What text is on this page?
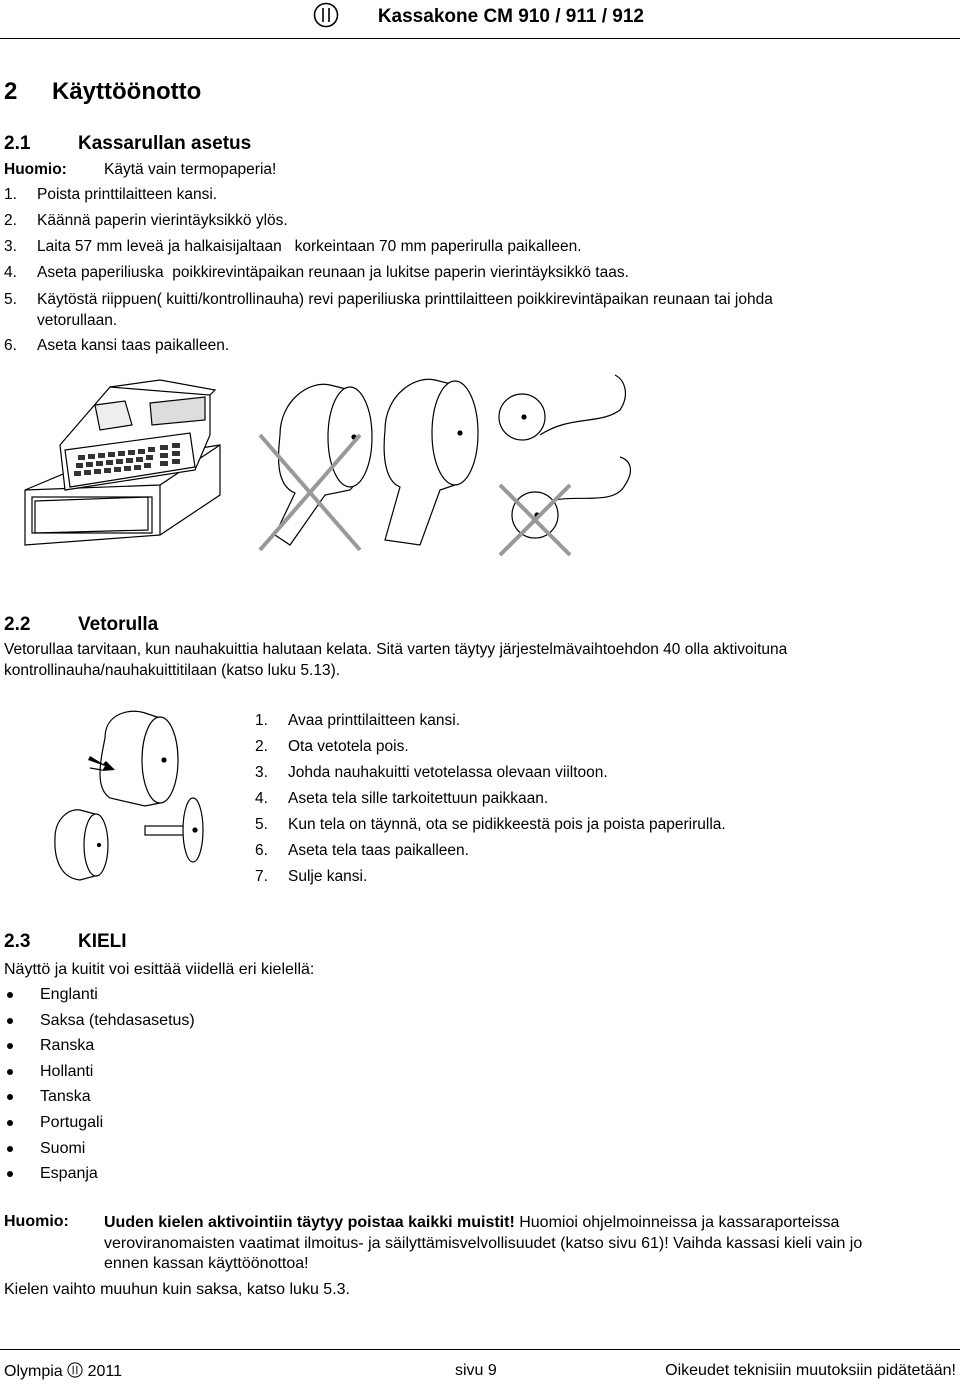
Kassakone CM 910 / 911 / 912
2 Käyttöönotto
2.1	Kassarullan asetus
Huomio: Käytä vain termopaperia!
1. Poista printtilaitteen kansi.
2. Käännä paperin vierintäyksikkö ylös.
3. Laita 57 mm leveä ja halkaisijaltaan   korkeintaan 70 mm paperirulla paikalleen.
4. Aseta paperiliuska  poikkirevintäpaikan reunaan ja lukitse paperin vierintäyksikkö taas.
5. Käytöstä riippuen( kuitti/kontrollinauha) revi paperiliuska printtilaitteen poikkirevintäpaikan reunaan tai johda
vetorullaan.
6. Aseta kansi taas paikalleen.
2.2	Vetorulla
Vetorullaa tarvitaan, kun nauhakuittia halutaan kelata. Sitä varten täytyy järjestelmävaihtoehdon 40 olla aktivoituna
kontrollinauha/nauhakuittitilaan (katso luku 5.13).
1. Avaa printtilaitteen kansi.
2. Ota vetotela pois.
3. Johda nauhakuitti vetotelassa olevaan viiltoon.
4. Aseta tela sille tarkoitettuun paikkaan.
5. Kun tela on täynnä, ota se pidikkeestä pois ja poista paperirulla.
6. Aseta tela taas paikalleen.
7. Sulje kansi.
2.3	KIELI
Näyttö ja kuitit voi esittää viidellä eri kielellä:
Englanti
Saksa (tehdasasetus)
Ranska
Hollanti
Tanska
Portugali
Suomi
Espanja
Huomio: Uuden kielen aktivointiin täytyy poistaa kaikki muistit! Huomioi ohjelmoinneissa ja kassaraporteissa
veroviranomaisten vaatimat ilmoitus- ja säilyttämisvelvollisuudet (katso sivu 61)! Vaihda kassasi kieli vain jo
ennen kassan käyttöönottoa!
Kielen vaihto muuhun kuin saksa, katso luku 5.3.
Olympia 2011	sivu 9	Oikeudet teknisiin muutoksiin pidätetään!
